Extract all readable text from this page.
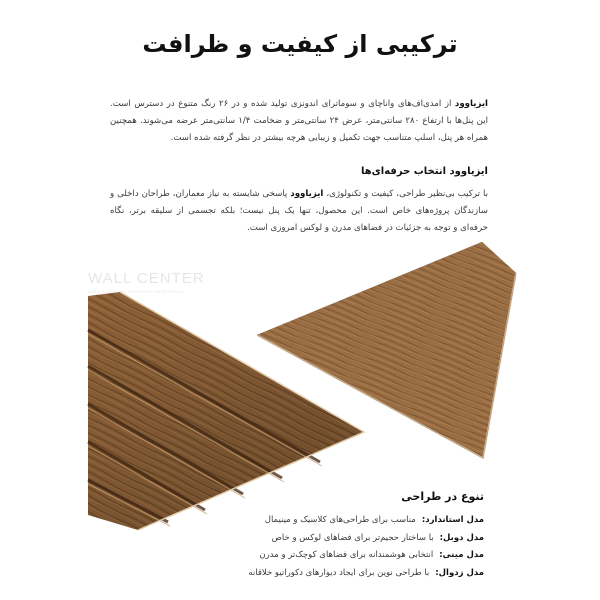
ترکیبی از کیفیت و ظرافت
ایزیاوود از امدی‌اف‌های واناچای و سوماترای اندونزی تولید شده و در ۲۶ رنگ متنوع در دسترس است. این پنل‌ها با ارتفاع ۲۸۰ سانتی‌متر، عرض ۲۴ سانتی‌متر و ضخامت ۱/۴ سانتی‌متر عرضه می‌شوند. همچنین همراه هر پنل، اسلپ متناسب جهت تکمیل و زیبایی هرچه بیشتر در نظر گرفته شده است.
ایزیاوود انتخاب حرفه‌ای‌ها
با ترکیب بی‌نظیر طراحی، کیفیت و تکنولوژی، ایزیاوود پاسخی شایسته به نیاز معماران، طراحان داخلی و سازندگان پروژه‌های خاص است. این محصول، تنها یک پنل نیست؛ بلکه تجسمی از سلیقه برتر، نگاه حرفه‌ای و توجه به جزئیات در فضاهای مدرن و لوکس امروزی است.
WALL CENTER
WALL & CEILING COVERING REFERENCE
تنوع در طراحی
مدل استاندارد:
مناسب برای طراحی‌های کلاسیک و مینیمال
مدل دوبل:
با ساختار حجیم‌تر برای فضاهای لوکس و خاص
مدل مینی:
انتخابی هوشمندانه برای فضاهای کوچک‌تر و مدرن
مدل زدوال:
با طراحی نوین برای ایجاد دیوارهای دکوراتیو خلاقانه
